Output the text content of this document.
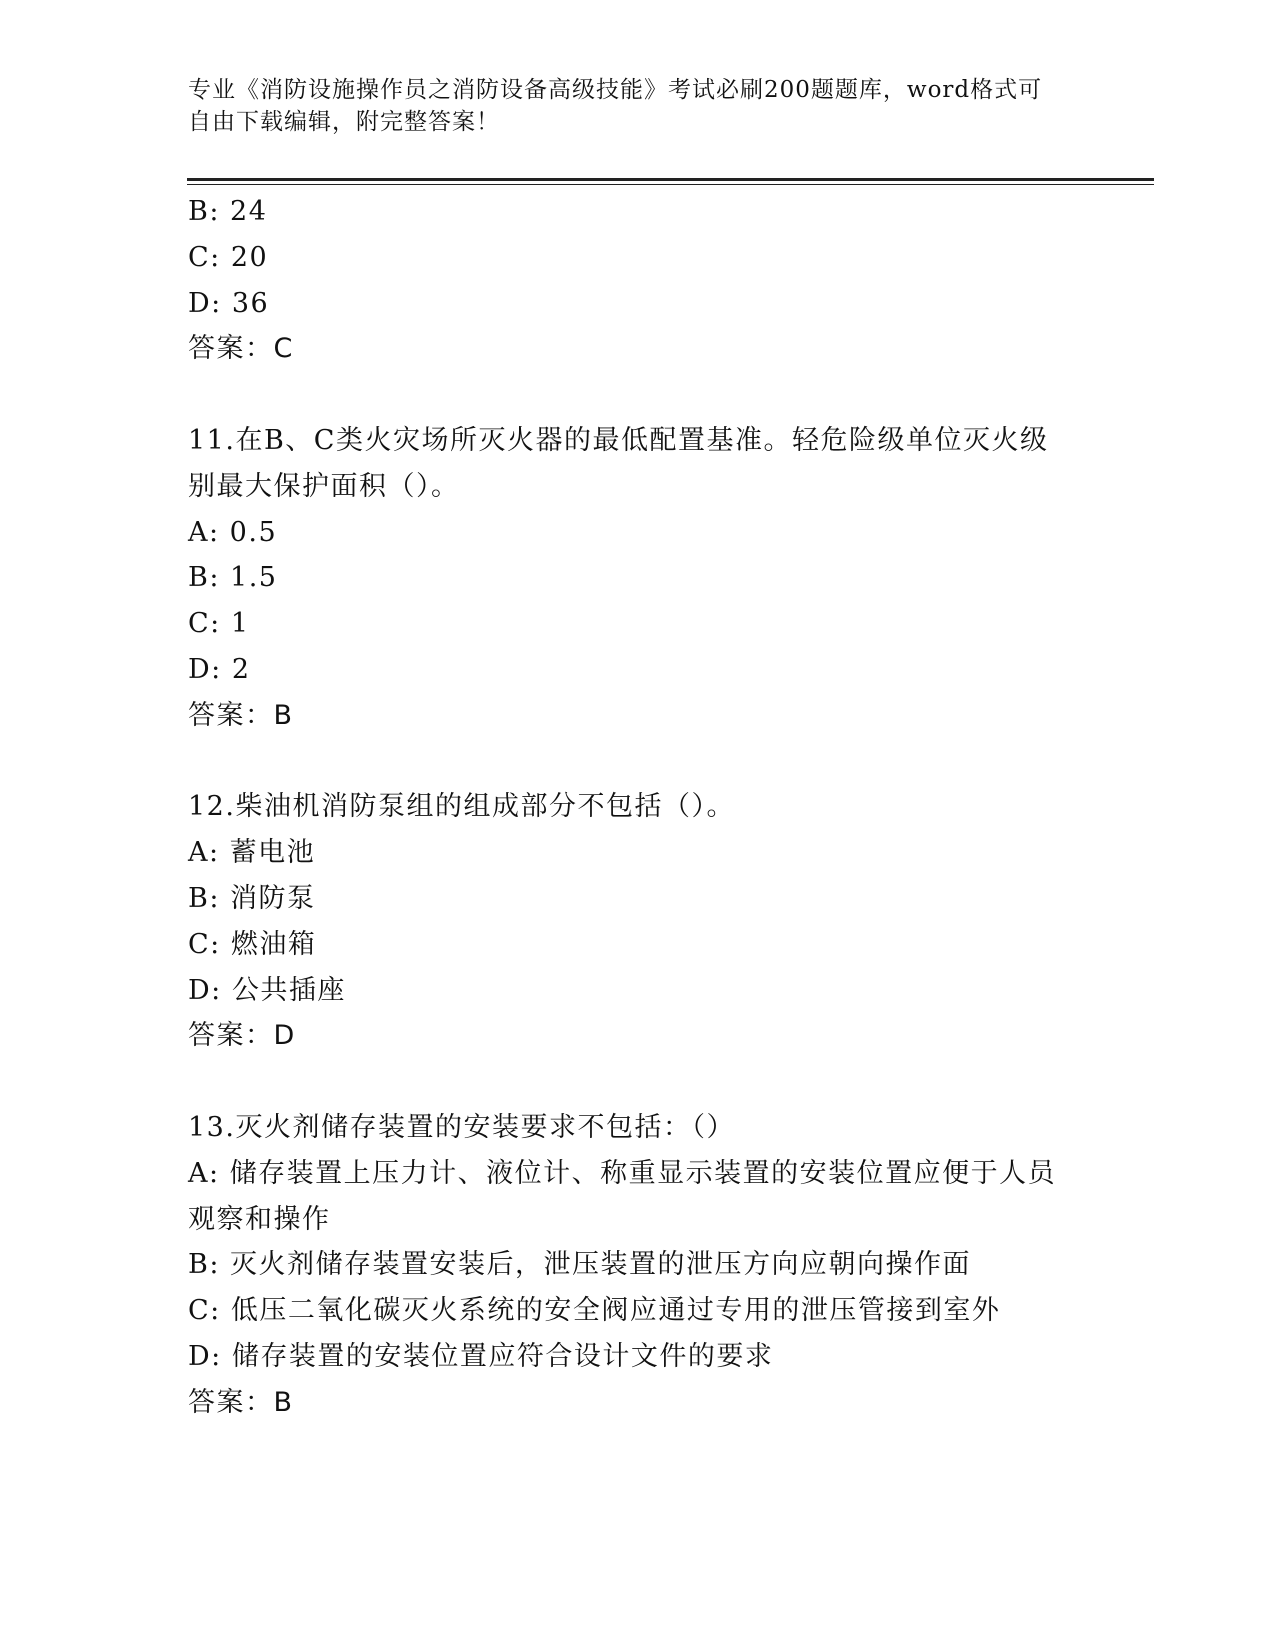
专业《消防设施操作员之消防设备高级技能》考试必刷200题题库，word格式可
自由下载编辑，附完整答案！
B: 24
C: 20
D: 36
答案：C
11.在B、C类火灾场所灭火器的最低配置基准。轻危险级单位灭火级
别最大保护面积（）。
A: 0.5
B: 1.5
C: 1
D: 2
答案：B
12.柴油机消防泵组的组成部分不包括（）。
A: 蓄电池
B: 消防泵
C: 燃油箱
D: 公共插座
答案：D
13.灭火剂储存装置的安装要求不包括：（）
A: 储存装置上压力计、液位计、称重显示装置的安装位置应便于人员
观察和操作
B: 灭火剂储存装置安装后，泄压装置的泄压方向应朝向操作面
C: 低压二氧化碳灭火系统的安全阀应通过专用的泄压管接到室外
D: 储存装置的安装位置应符合设计文件的要求
答案：B
